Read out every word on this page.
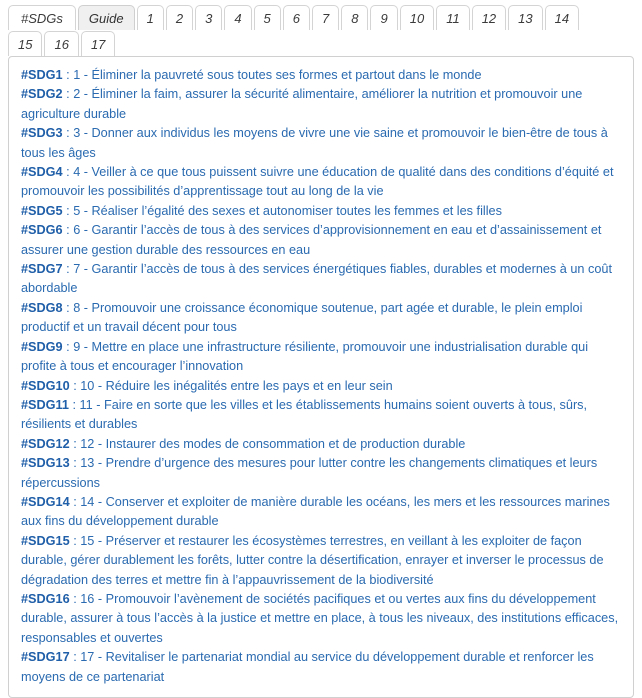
#SDGs Guide 1 2 3 4 5 6 7 8 9 10 11 12 13 14
15 16 17
#SDG1 : 1 - Éliminer la pauvreté sous toutes ses formes et partout dans le monde
#SDG2 : 2 - Éliminer la faim, assurer la sécurité alimentaire, améliorer la nutrition et promouvoir une agriculture durable
#SDG3 : 3 - Donner aux individus les moyens de vivre une vie saine et promouvoir le bien-être de tous à tous les âges
#SDG4 : 4 - Veiller à ce que tous puissent suivre une éducation de qualité dans des conditions d’équité et promouvoir les possibilités d’apprentissage tout au long de la vie
#SDG5 : 5 - Réaliser l’égalité des sexes et autonomiser toutes les femmes et les filles
#SDG6 : 6 - Garantir l’accès de tous à des services d’approvisionnement en eau et d’assainissement et assurer une gestion durable des ressources en eau
#SDG7 : 7 - Garantir l’accès de tous à des services énergétiques fiables, durables et modernes à un coût abordable
#SDG8 : 8 - Promouvoir une croissance économique soutenue, part agée et durable, le plein emploi productif et un travail décent pour tous
#SDG9 : 9 - Mettre en place une infrastructure résiliente, promouvoir une industrialisation durable qui profite à tous et encourager l’innovation
#SDG10 : 10 - Réduire les inégalités entre les pays et en leur sein
#SDG11 : 11 - Faire en sorte que les villes et les établissements humains soient ouverts à tous, sûrs, résilients et durables
#SDG12 : 12 - Instaurer des modes de consommation et de production durable
#SDG13 : 13 - Prendre d’urgence des mesures pour lutter contre les changements climatiques et leurs répercussions
#SDG14 : 14 - Conserver et exploiter de manière durable les océans, les mers et les ressources marines aux fins du développement durable
#SDG15 : 15 - Préserver et restaurer les écosystèmes terrestres, en veillant à les exploiter de façon durable, gérer durablement les forêts, lutter contre la désertification, enrayer et inverser le processus de dégradation des terres et mettre fin à l’appauvrissement de la biodiversité
#SDG16 : 16 - Promouvoir l’avènement de sociétés pacifiques et ou vertes aux fins du développement durable, assurer à tous l’accès à la justice et mettre en place, à tous les niveaux, des institutions efficaces, responsables et ouvertes
#SDG17 : 17 - Revitaliser le partenariat mondial au service du développement durable et renforcer les moyens de ce partenariat
